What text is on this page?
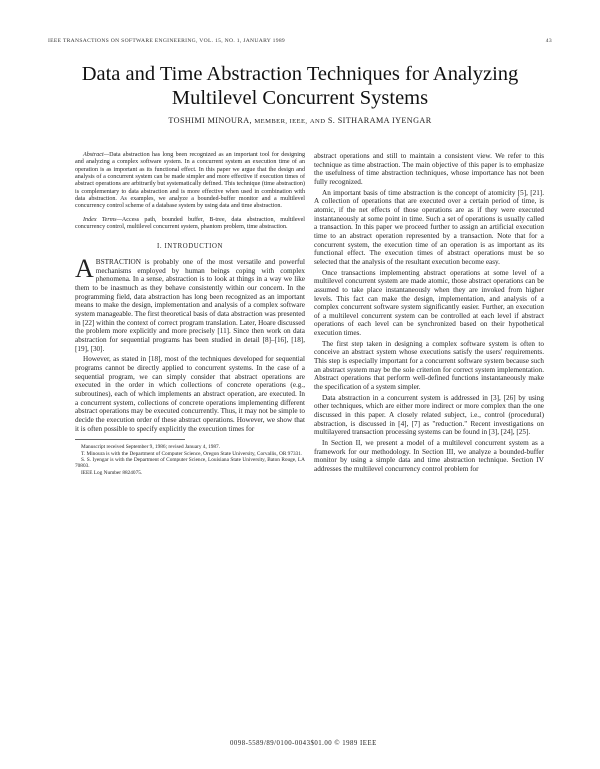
IEEE TRANSACTIONS ON SOFTWARE ENGINEERING, VOL. 15, NO. 1, JANUARY 1989	43
Data and Time Abstraction Techniques for Analyzing
Multilevel Concurrent Systems
TOSHIMI MINOURA, MEMBER, IEEE, AND S. SITHARAMA IYENGAR

Abstract—Data abstraction has long been recognized as an important tool for designing and analyzing a complex software system. In a concurrent system an execution time of an operation is as important as its functional effect. In this paper we argue that the design and analysis of a concurrent system can be made simpler and more effective if execution times of abstract operations are arbitrarily but systematically defined. This technique (time abstraction) is complementary to data abstraction and is more effective when used in combination with data abstraction. As examples, we analyze a bounded-buffer monitor and a multilevel concurrency control scheme of a database system by using data and time abstraction.

Index Terms—Access path, bounded buffer, B-tree, data abstraction, multilevel concurrency control, multilevel concurrent system, phantom problem, time abstraction.

I. INTRODUCTION

ABSTRACTION is probably one of the most versatile and powerful mechanisms employed by human beings coping with complex phenomena. In a sense, abstraction is to look at things in a way we like them to be inasmuch as they behave consistently within our concern. In the programming field, data abstraction has long been recognized as an important means to make the design, implementation and analysis of a complex software system manageable. The first theoretical basis of data abstraction was presented in [22] within the context of correct program translation. Later, Hoare discussed the problem more explicitly and more precisely [11]. Since then work on data abstraction for sequential programs has been studied in detail [8]–[16], [18], [19], [30].

However, as stated in [18], most of the techniques developed for sequential programs cannot be directly applied to concurrent systems. In the case of a sequential program, we can simply consider that abstract operations are executed in the order in which collections of concrete operations (e.g., subroutines), each of which implements an abstract operation, are executed. In a concurrent system, collections of concrete operations implementing different abstract operations may be executed concurrently. Thus, it may not be simple to decide the execution order of these abstract operations. However, we show that it is often possible to specify explicitly the execution times for

Manuscript received September 9, 1986; revised January 4, 1987.

T. Minoura is with the Department of Computer Science, Oregon State University, Corvallis, OR 97331.

S. S. Iyengar is with the Department of Computer Science, Louisiana State University, Baton Rouge, LA 70803.

IEEE Log Number 8824075.

abstract operations and still to maintain a consistent view. We refer to this technique as time abstraction. The main objective of this paper is to emphasize the usefulness of time abstraction techniques, whose importance has not been fully recognized.

An important basis of time abstraction is the concept of atomicity [5], [21]. A collection of operations that are executed over a certain period of time, is atomic, if the net effects of those operations are as if they were executed instantaneously at some point in time. Such a set of operations is usually called a transaction. In this paper we proceed further to assign an artificial execution time to an abstract operation represented by a transaction. Note that for a concurrent system, the execution time of an operation is as important as its functional effect. The execution times of abstract operations must be so selected that the analysis of the resultant execution become easy.

Once transactions implementing abstract operations at some level of a multilevel concurrent system are made atomic, those abstract operations can be assumed to take place instantaneously when they are invoked from higher levels. This fact can make the design, implementation, and analysis of a complex concurrent software system significantly easier. Further, an execution of a multilevel concurrent system can be controlled at each level if abstract operations of each level can be synchronized based on their hypothetical execution times.

The first step taken in designing a complex software system is often to conceive an abstract system whose executions satisfy the users' requirements. This step is especially important for a concurrent software system because such an abstract system may be the sole criterion for correct system implementation. Abstract operations that perform well-defined functions instantaneously make the specification of a system simpler.

Data abstraction in a concurrent system is addressed in [3], [26] by using other techniques, which are either more indirect or more complex than the one discussed in this paper. A closely related subject, i.e., control (procedural) abstraction, is discussed in [4], [7] as "reduction." Recent investigations on multilayered transaction processing systems can be found in [3], [24], [25].

In Section II, we present a model of a multilevel concurrent system as a framework for our methodology. In Section III, we analyze a bounded-buffer monitor by using a simple data and time abstraction technique. Section IV addresses the multilevel concurrency control problem for

0098-5589/89/0100-0043$01.00 © 1989 IEEE
